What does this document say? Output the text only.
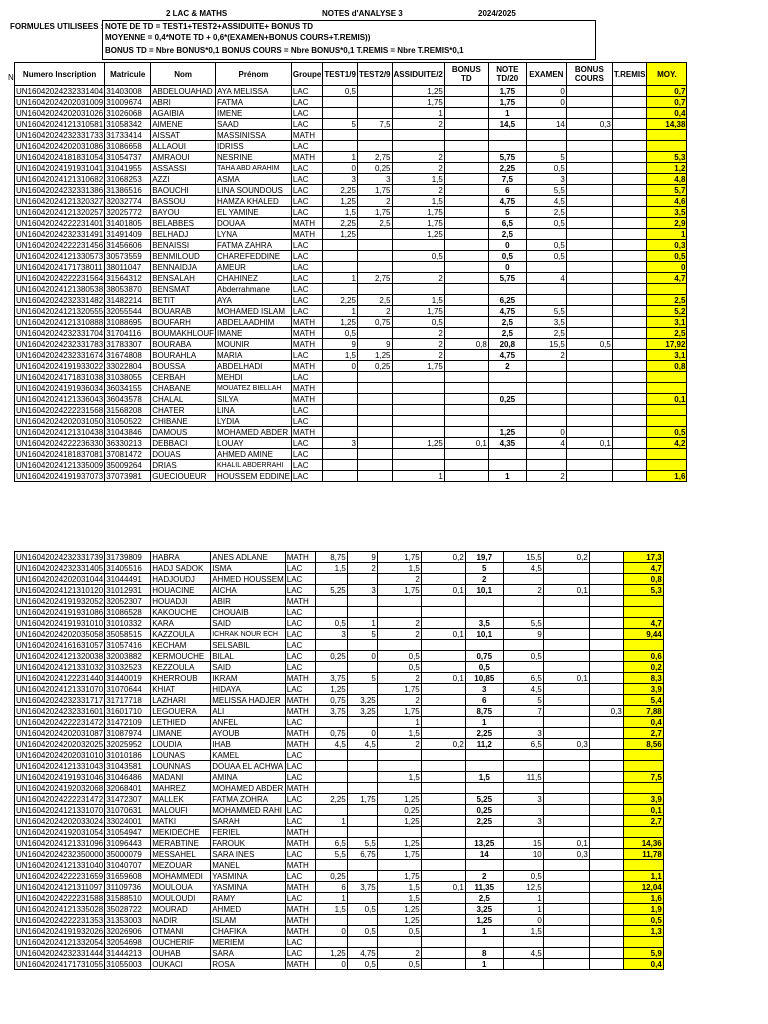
2 LAC & MATHS	NOTES d'ANALYSE 3	2024/2025
FORMULES UTILISEES : NOTE DE TD = TEST1+TEST2+ASSIDUITE+ BONUS TD
MOYENNE = 0,4*NOTE TD + 0,6*(EXAMEN+BONUS COURS+T.REMIS))
BONUS TD = Nbre BONUS*0,1 BONUS COURS = Nbre BONUS*0,1 T.REMIS = Nbre T.REMIS*0,1
N Numero Inscription	Matricule	Nom	Prénom	Groupe	TEST1/9	TEST2/9	ASSIDUITE/2	BONUS TD	NOTE TD/20	EXAMEN	BONUS COURS	T.REMIS	MOY.
UN16042024232331404	31403008	ABDELOUAHAD	AYA MELISSA	LAC	0,5		1,25		1,75	0			0,7
UN16042024202031009	31009674	ABRI	FATMA	LAC			1,75		1,75	0			0,7
UN16042024202031026	31026068	AGAIBIA	IMENE	LAC			1		1				0,4
UN16042024121310581	31058342	AIMENE	SAAD	LAC	5	7,5	2		14,5	14	0,3		14,38
UN16042024232331733	31733414	AISSAT	MASSINISSA	MATH									
UN16042024202031086	31086658	ALLAOUI	IDRISS	LAC									
UN16042024181831054	31054737	AMRAOUI	NESRINE	MATH	1	2,75	2		5,75	5			5,3
UN16042024191931041	31041955	ASSASSI	TAHA ABD ARAHIM	LAC	0	0,25	2		2,25	0,5			1,2
UN16042024121310682	31068253	AZZI	ASMA	LAC	3	3	1,5		7,5	3			4,8
UN16042024232331386	31386516	BAOUCHI	LINA SOUNDOUS	LAC	2,25	1,75	2		6	5,5			5,7
UN16042024121320327	32032774	BASSOU	HAMZA KHALED	LAC	1,25	2	1,5		4,75	4,5			4,6
UN16042024121320257	32025772	BAYOU	EL YAMINE	LAC	1,5	1,75	1,75		5	2,5			3,5
UN16042024222231401	31401805	BELABBES	DOUAA	MATH	2,25	2,5	1,75		6,5	0,5			2,9
UN16042024232331491	31491409	BELHADJ	LYNA	MATH	1,25		1,25		2,5				1
UN16042024222231456	31456606	BENAISSI	FATMA ZAHRA	LAC					0	0,5			0,3
UN16042024121330573	30573559	BENMILOUD	CHAREFEDDINE	LAC			0,5		0,5	0,5			0,5
UN16042024171738011	38011047	BENNAIDJA	AMEUR	LAC					0				0
UN16042024222231564	31564312	BENSALAH	CHAHINEZ	LAC	1	2,75	2		5,75	4			4,7
UN16042024121380538	38053870	BENSMAT	Abderrahmane	LAC									
UN16042024232331482	31482214	BETIT	AYA	LAC	2,25	2,5	1,5		6,25				2,5
UN16042024121320555	32055544	BOUARAB	MOHAMED ISLAM	LAC	1	2	1,75		4,75	5,5			5,2
UN16042024121310888	31088695	BOUFARH	ABDELAADHIM	MATH	1,25	0,75	0,5		2,5	3,5			3,1
UN16042024232331704	31704116	BOUMAKHLOUF	IMANE	MATH	0,5		2		2,5	2,5			2,5
UN16042024232331783	31783307	BOURABA	MOUNIR	MATH	9	9	2	0,8	20,8	15,5	0,5		17,92
UN16042024232331674	31674808	BOURAHLA	MARIA	LAC	1,5	1,25	2		4,75	2			3,1
UN16042024191933022	33022804	BOUSSA	ABDELHADI	MATH	0	0,25	1,75		2				0,8
UN16042024171831038	31038055	CERBAH	MEHDI	LAC									
UN16042024191936034	36034155	CHABANE	MOUATEZ BIELLAH	MATH									
UN16042024121336043	36043578	CHALAL	SILYA	MATH					0,25				0,1
UN16042024222231568	31568208	CHATER	LINA	LAC									
UN16042024202031050	31050522	CHIBANE	LYDIA	LAC									
UN16042024121310438	31043846	DAMOUS	MOHAMED ABDER	MATH					1,25	0			0,5
UN16042024222236330	36330213	DEBBACI	LOUAY	LAC	3		1,25	0,1	4,35	4	0,1		4,2
UN16042024181837081	37081472	DOUAS	AHMED AMINE	LAC									
UN16042024121335009	35009264	DRIAS	KHALIL ABDERRAHI	LAC									
UN16042024191937073	37073981	GUECIOUEUR	HOUSSEM EDDINE	LAC			1		1	2			1,6
UN16042024232331739	31739809	HABRA	ANES ADLANE	MATH	8,75	9	1,75	0,2	19,7	15,5	0,2		17,3
UN16042024232331405	31405516	HADJ SADOK	ISMA	LAC	1,5	2	1,5		5	4,5			4,7
UN16042024202031044	31044491	HADJOUDJ	AHMED HOUSSEM	LAC			2		2				0,8
UN16042024121310120	31012931	HOUACINE	AICHA	LAC	5,25	3	1,75	0,1	10,1	2	0,1		5,3
UN16042024191932052	32052307	HOUADJI	ABIR	MATH									
UN16042024191931086	31086528	KAKOUCHE	CHOUAIB	LAC									
UN16042024191931010	31010332	KARA	SAID	LAC	0,5	1	2		3,5	5,5			4,7
UN16042024202035058	35058515	KAZZOULA	ICHRAK NOUR ECH	LAC	3	5	2	0,1	10,1	9			9,44
UN16042024161631057	31057416	KECHAM	SELSABIL	LAC									
UN16042024121320038	32003882	KERMOUCHE	BILAL	LAC	0,25	0	0,5		0,75	0,5			0,6
UN16042024121331032	31032523	KEZZOULA	SAID	LAC			0,5		0,5				0,2
UN16042024122231440	31440019	KHERROUB	IKRAM	MATH	3,75	5	2	0,1	10,85	6,5	0,1		8,3
UN16042024121331070	31070644	KHIAT	HIDAYA	LAC	1,25		1,75		3	4,5			3,9
UN16042024232331717	31717718	LAZHARI	MELISSA HADJER	MATH	0,75	3,25	2		6	5			5,4
UN16042024232331601	31601710	LEGOUERA	ALI	MATH	3,75	3,25	1,75		8,75	7		0,3	7,88
UN16042024222231472	31472109	LETHIED	ANFEL	LAC			1		1				0,4
UN16042024202031087	31087974	LIMANE	AYOUB	MATH	0,75	0	1,5		2,25	3			2,7
UN16042024202032025	32025952	LOUDIA	IHAB	MATH	4,5	4,5	2	0,2	11,2	6,5	0,3		8,56
UN16042024202031010	31010186	LOUNAS	KAMEL	LAC									
UN16042024121331043	31043581	LOUNNAS	DOUAA EL ACHWA	LAC									
UN16042024191931046	31046486	MADANI	AMINA	LAC			1,5		1,5	11,5			7,5
UN16042024192032068	32068401	MAHREZ	MOHAMED ABDER	MATH									
UN16042024222231472	31472307	MALLEK	FATMA ZOHRA	LAC	2,25	1,75	1,25		5,25	3			3,9
UN16042024121331070	31070631	MALOUFI	MOHAMMED RAHI	LAC			0,25		0,25				0,1
UN16042024202033024	33024001	MATKI	SARAH	LAC	1		1,25		2,25	3			2,7
UN16042024192031054	31054947	MEKIDECHE	FERIEL	MATH									
UN16042024121331096	31096443	MERABTINE	FAROUK	MATH	6,5	5,5	1,25		13,25	15	0,1		14,36
UN16042024232350000	35000079	MESSAHEL	SARA INES	LAC	5,5	6,75	1,75		14	10	0,3		11,78
UN16042024121331040	31040707	MEZOUAR	MANEL	MATH									
UN16042024222231659	31659608	MOHAMMEDI	YASMINA	LAC	0,25		1,75		2	0,5			1,1
UN16042024121311097	31109736	MOULOUA	YASMINA	MATH	6	3,75	1,5	0,1	11,35	12,5			12,04
UN16042024222231588	31588510	MOULOUDI	RAMY	LAC	1		1,5		2,5	1			1,6
UN16042024121335028	35028722	MOURAD	AHMED	MATH	1,5	0,5	1,25		3,25	1			1,9
UN16042024222231353	31353003	NADIR	ISLAM	MATH			1,25		1,25	0			0,5
UN16042024191932026	32026906	OTMANI	CHAFIKA	MATH	0	0,5	0,5		1	1,5			1,3
UN16042024121332054	32054698	OUCHERIF	MERIEM	LAC									
UN16042024232331444	31444213	OUHAB	SARA	LAC	1,25	4,75	2		8	4,5			5,9
UN16042024171731055	31055003	OUKACI	ROSA	MATH	0	0,5	0,5		1				0,4
